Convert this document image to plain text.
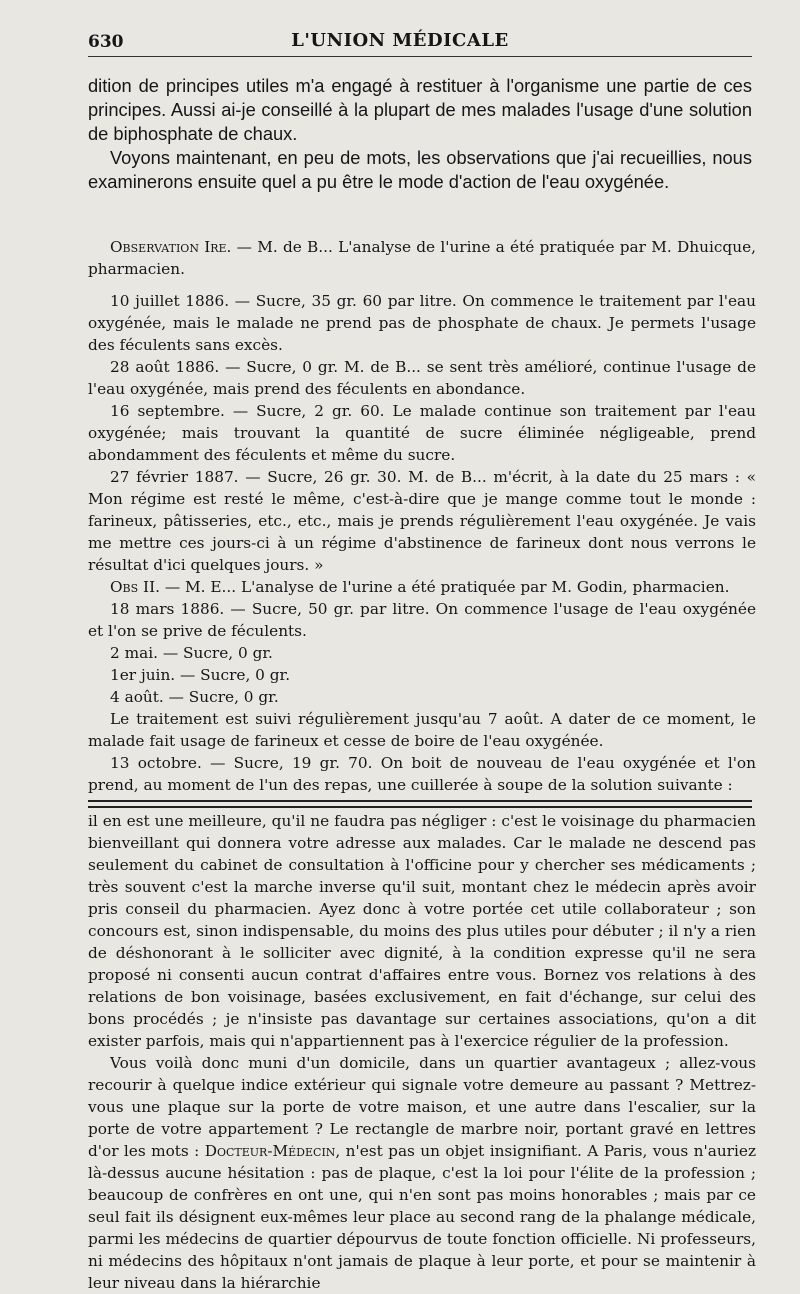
630	L'UNION MÉDICALE

dition de principes utiles m'a engagé à restituer à l'organisme une partie de ces principes. Aussi ai-je conseillé à la plupart de mes malades l'usage d'une solution de biphosphate de chaux.

Voyons maintenant, en peu de mots, les observations que j'ai recueillies, nous examinerons ensuite quel a pu être le mode d'action de l'eau oxygénée.

Observation Ire. — M. de B... L'analyse de l'urine a été pratiquée par M. Dhuicque, pharmacien.

10 juillet 1886. — Sucre, 35 gr. 60 par litre. On commence le traitement par l'eau oxygénée, mais le malade ne prend pas de phosphate de chaux. Je permets l'usage des féculents sans excès.

28 août 1886. — Sucre, 0 gr. M. de B... se sent très amélioré, continue l'usage de l'eau oxygénée, mais prend des féculents en abondance.

16 septembre. — Sucre, 2 gr. 60. Le malade continue son traitement par l'eau oxygénée; mais trouvant la quantité de sucre éliminée négligeable, prend abondamment des féculents et même du sucre.

27 février 1887. — Sucre, 26 gr. 30. M. de B... m'écrit, à la date du 25 mars : « Mon régime est resté le même, c'est-à-dire que je mange comme tout le monde : farineux, pâtisseries, etc., etc., mais je prends régulièrement l'eau oxygénée. Je vais me mettre ces jours-ci à un régime d'abstinence de farineux dont nous verrons le résultat d'ici quelques jours. »

Obs II. — M. E... L'analyse de l'urine a été pratiquée par M. Godin, pharmacien.

18 mars 1886. — Sucre, 50 gr. par litre. On commence l'usage de l'eau oxygénée et l'on se prive de féculents.

2 mai. — Sucre, 0 gr.

1er juin. — Sucre, 0 gr.

4 août. — Sucre, 0 gr.

Le traitement est suivi régulièrement jusqu'au 7 août. A dater de ce moment, le malade fait usage de farineux et cesse de boire de l'eau oxygénée.

13 octobre. — Sucre, 19 gr. 70. On boit de nouveau de l'eau oxygénée et l'on prend, au moment de l'un des repas, une cuillerée à soupe de la solution suivante :

il en est une meilleure, qu'il ne faudra pas négliger : c'est le voisinage du pharmacien bienveillant qui donnera votre adresse aux malades. Car le malade ne descend pas seulement du cabinet de consultation à l'officine pour y chercher ses médicaments ; très souvent c'est la marche inverse qu'il suit, montant chez le médecin après avoir pris conseil du pharmacien. Ayez donc à votre portée cet utile collaborateur ; son concours est, sinon indispensable, du moins des plus utiles pour débuter ; il n'y a rien de déshonorant à le solliciter avec dignité, à la condition expresse qu'il ne sera proposé ni consenti aucun contrat d'affaires entre vous. Bornez vos relations à des relations de bon voisinage, basées exclusivement, en fait d'échange, sur celui des bons procédés ; je n'insiste pas davantage sur certaines associations, qu'on a dit exister parfois, mais qui n'appartiennent pas à l'exercice régulier de la profession.

Vous voilà donc muni d'un domicile, dans un quartier avantageux ; allez-vous recourir à quelque indice extérieur qui signale votre demeure au passant ? Mettrez-vous une plaque sur la porte de votre maison, et une autre dans l'escalier, sur la porte de votre appartement ? Le rectangle de marbre noir, portant gravé en lettres d'or les mots : Docteur-Médecin, n'est pas un objet insignifiant. A Paris, vous n'auriez là-dessus aucune hésitation : pas de plaque, c'est la loi pour l'élite de la profession ; beaucoup de confrères en ont une, qui n'en sont pas moins honorables ; mais par ce seul fait ils désignent eux-mêmes leur place au second rang de la phalange médicale, parmi les médecins de quartier dépourvus de toute fonction officielle. Ni professeurs, ni médecins des hôpitaux n'ont jamais de plaque à leur porte, et pour se maintenir à leur niveau dans la hiérarchie
